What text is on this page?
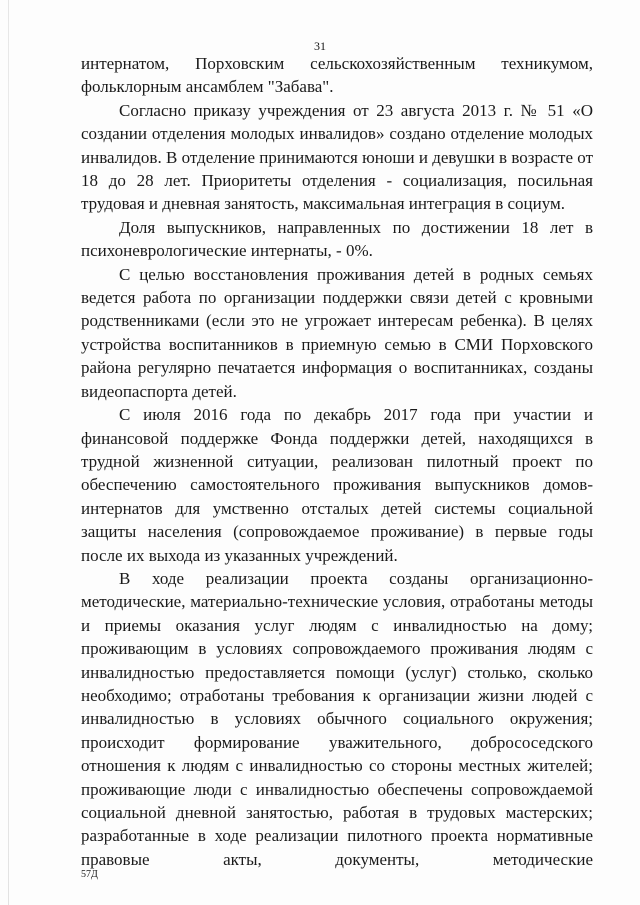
31

интернатом, Порховским сельскохозяйственным техникумом, фольклорным ансамблем "Забава".

Согласно приказу учреждения от 23 августа 2013 г. № 51 «О создании отделения молодых инвалидов» создано отделение молодых инвалидов. В отделение принимаются юноши и девушки в возрасте от 18 до 28 лет. Приоритеты отделения - социализация, посильная трудовая и дневная занятость, максимальная интеграция в социум.

Доля выпускников, направленных по достижении 18 лет в психоневрологические интернаты, - 0%.

С целью восстановления проживания детей в родных семьях ведется работа по организации поддержки связи детей с кровными родственниками (если это не угрожает интересам ребенка). В целях устройства воспитанников в приемную семью в СМИ Порховского района регулярно печатается информация о воспитанниках, созданы видеопаспорта детей.

С июля 2016 года по декабрь 2017 года при участии и финансовой поддержке Фонда поддержки детей, находящихся в трудной жизненной ситуации, реализован пилотный проект по обеспечению самостоятельного проживания выпускников домов-интернатов для умственно отсталых детей системы социальной защиты населения (сопровождаемое проживание) в первые годы после их выхода из указанных учреждений.

В ходе реализации проекта созданы организационно-методические, материально-технические условия, отработаны методы и приемы оказания услуг людям с инвалидностью на дому; проживающим в условиях сопровождаемого проживания людям с инвалидностью предоставляется помощи (услуг) столько, сколько необходимо; отработаны требования к организации жизни людей с инвалидностью в условиях обычного социального окружения; происходит формирование уважительного, добрососедского отношения к людям с инвалидностью со стороны местных жителей; проживающие люди с инвалидностью обеспечены сопровождаемой социальной дневной занятостью, работая в трудовых мастерских; разработанные в ходе реализации пилотного проекта нормативные правовые акты, документы, методические

57Д
